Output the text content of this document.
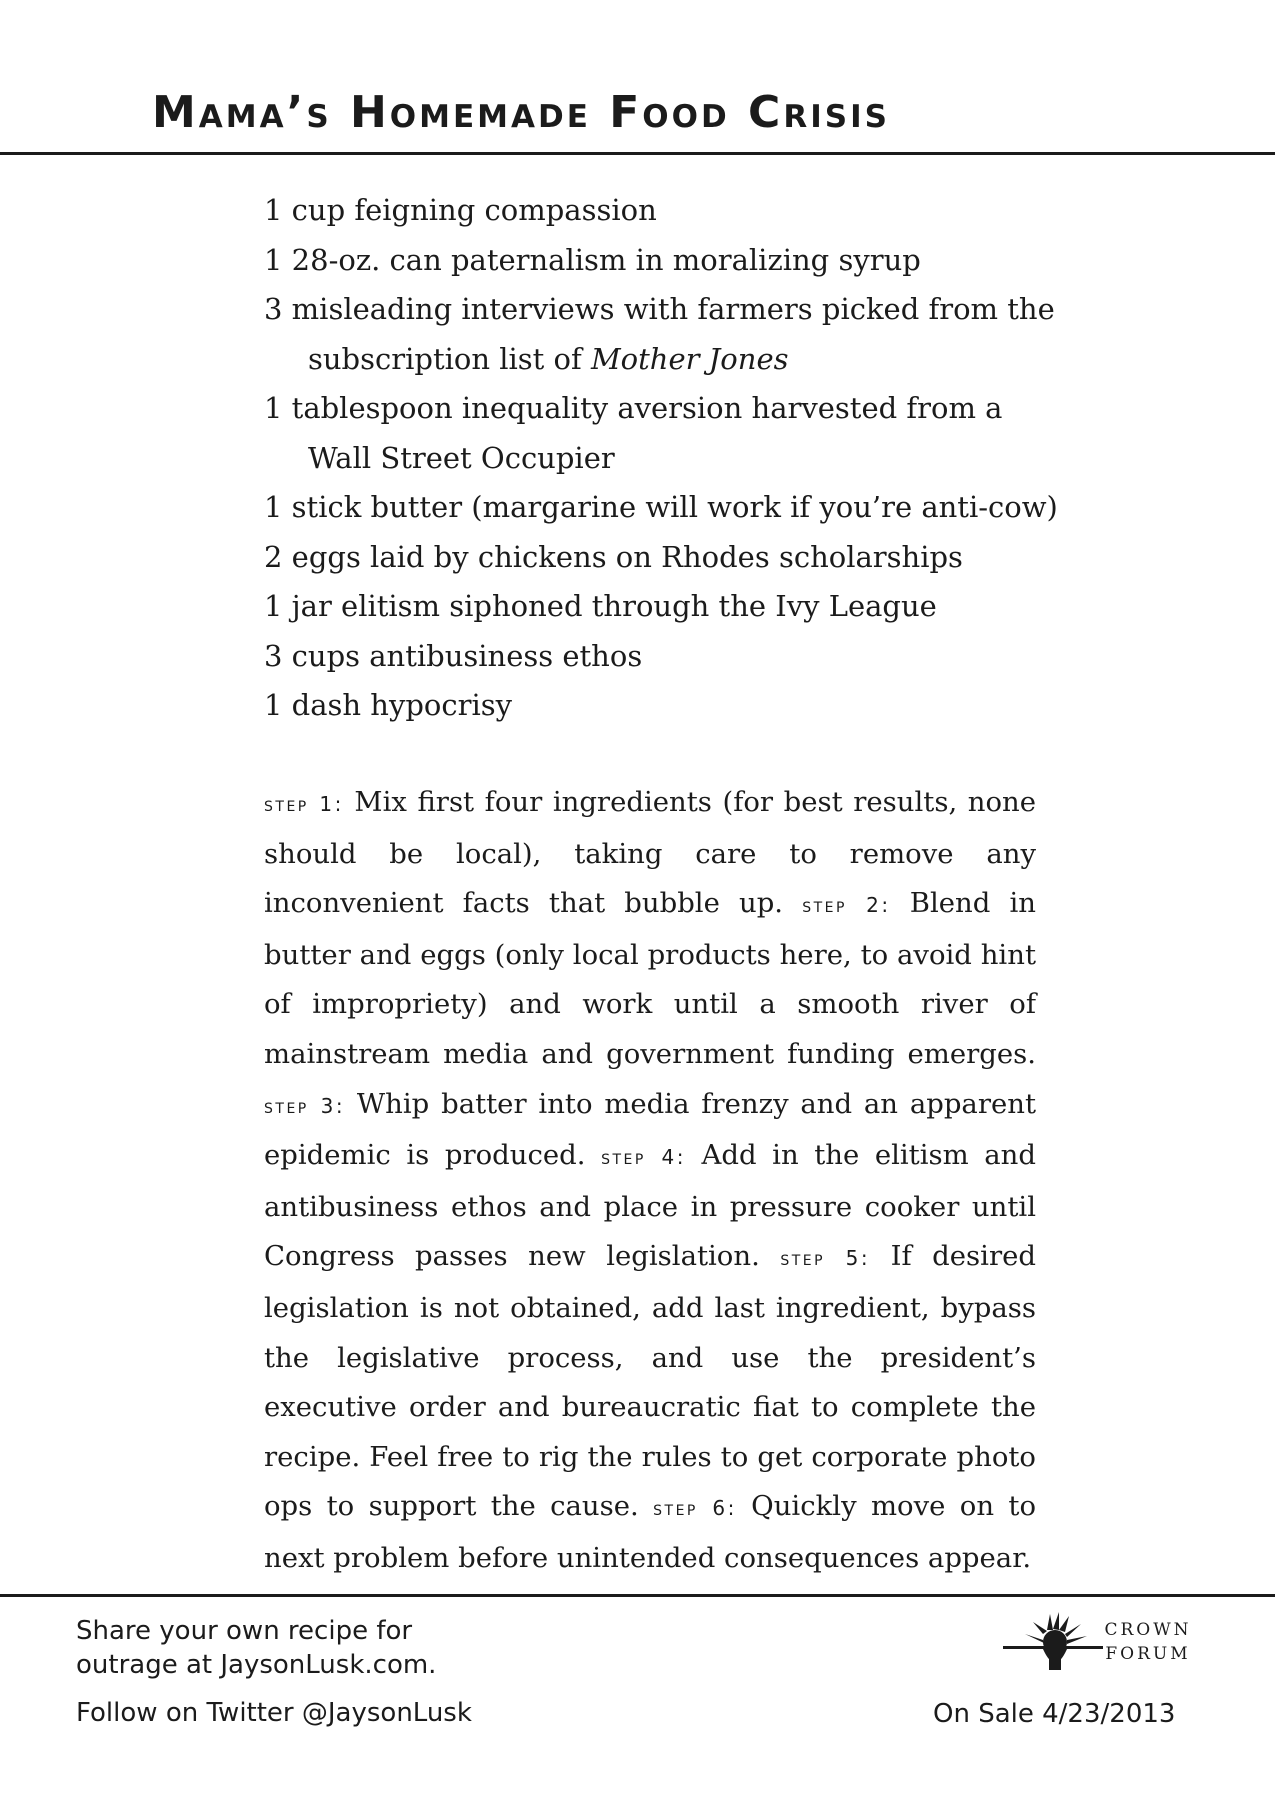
Mama’s Homemade Food Crisis
1 cup feigning compassion
1 28-oz. can paternalism in moralizing syrup
3 misleading interviews with farmers picked from the subscription list of Mother Jones
1 tablespoon inequality aversion harvested from a Wall Street Occupier
1 stick butter (margarine will work if you’re anti-cow)
2 eggs laid by chickens on Rhodes scholarships
1 jar elitism siphoned through the Ivy League
3 cups antibusiness ethos
1 dash hypocrisy

step 1: Mix first four ingredients (for best results, none should be local), taking care to remove any inconvenient facts that bubble up. step 2: Blend in butter and eggs (only local products here, to avoid hint of impropriety) and work until a smooth river of mainstream media and government funding emerges. step 3: Whip batter into media frenzy and an apparent epidemic is produced. step 4: Add in the elitism and antibusiness ethos and place in pressure cooker until Congress passes new legislation. step 5: If desired legislation is not obtained, add last ingredient, bypass the legislative process, and use the president’s executive order and bureaucratic fiat to complete the recipe. Feel free to rig the rules to get corporate photo ops to support the cause. step 6: Quickly move on to next problem before unintended consequences appear.

Share your own recipe for
outrage at JaysonLusk.com.
Follow on Twitter @JaysonLusk
CROWN
FORUM
On Sale 4/23/2013
